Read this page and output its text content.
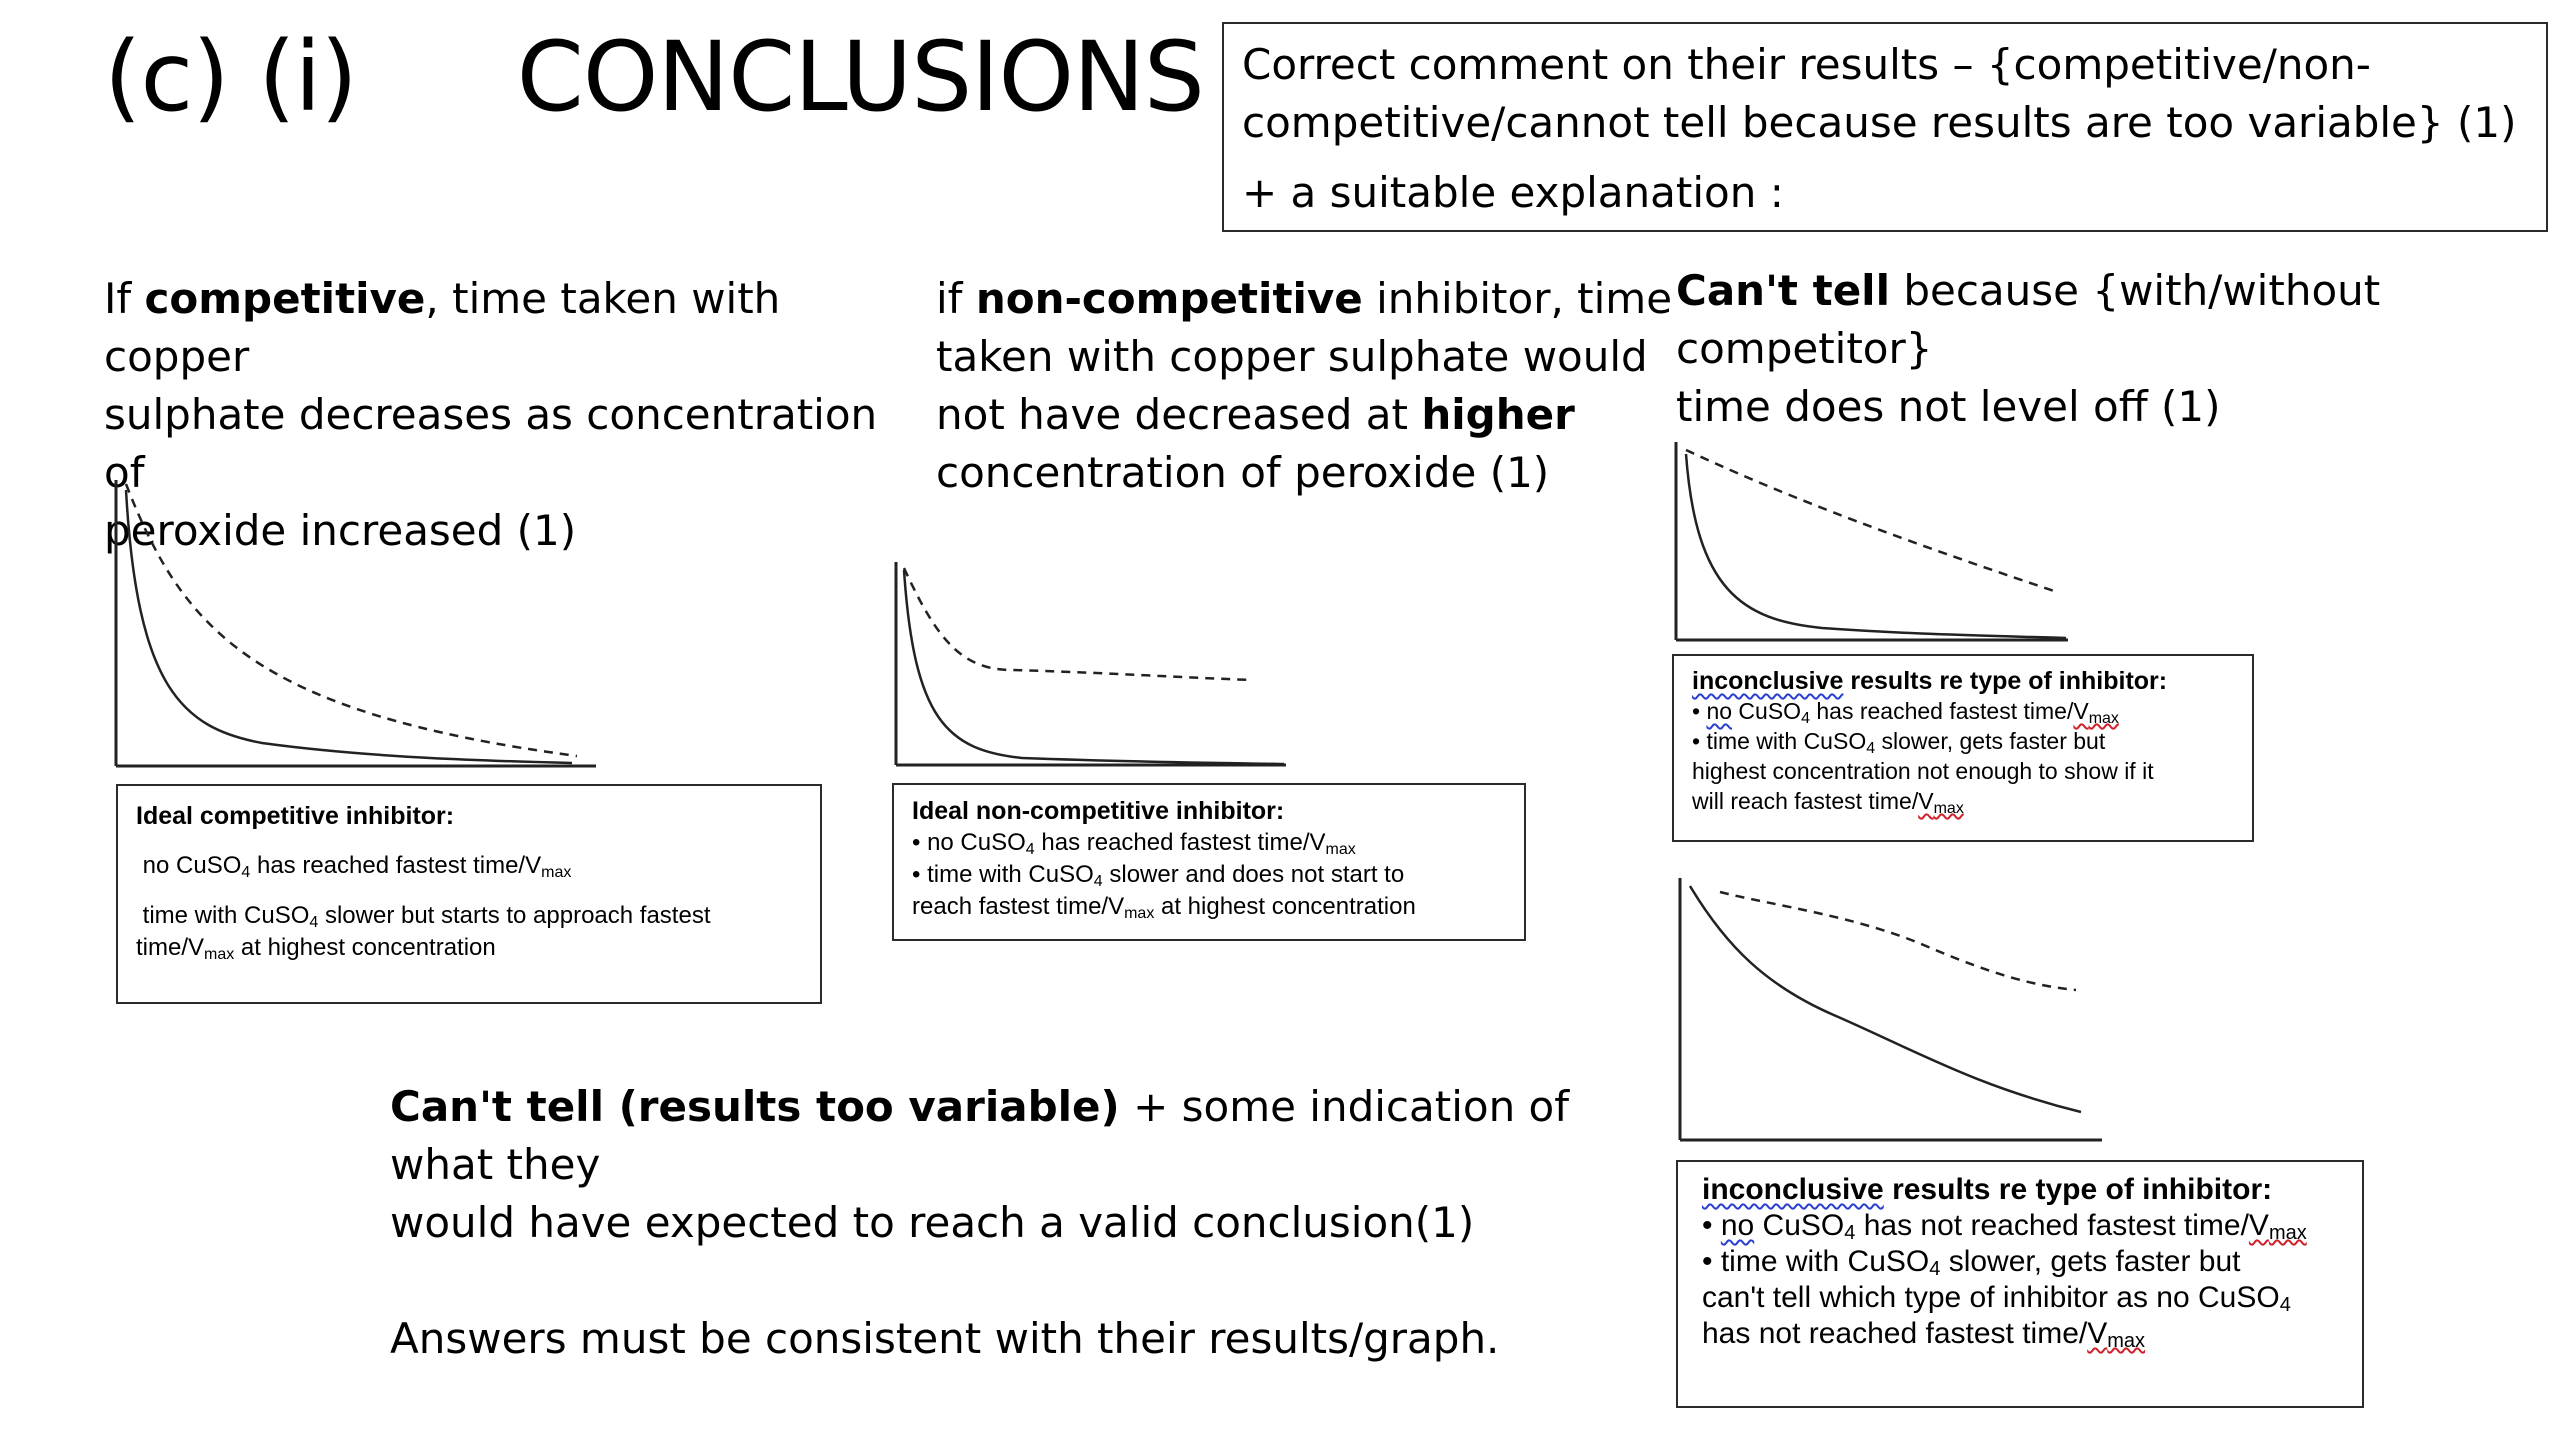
(c) (i) CONCLUSIONS Correct comment on their results – {competitive/non-
competitive/cannot tell because results are too variable} (1)
+ a suitable explanation :
If competitive, time taken with copper
sulphate decreases as concentration of
peroxide increased (1)
Ideal competitive inhibitor:
no CuSO$_4$ has reached fastest time/$V_{max}$
time with CuSO$_4$ slower but starts to approach fastest
time/$V_{max}$ at highest concentration
if non-competitive inhibitor, time
taken with copper sulphate would
not have decreased at higher
concentration of peroxide (1)
Ideal non-competitive inhibitor:
• no CuSO$_4$ has reached fastest time/$V_{max}$
• time with CuSO$_4$ slower and does not start to
reach fastest time/$V_{max}$ at highest concentration
Can't tell because {with/without
competitor}
time does not level off (1)
inconclusive results re type of inhibitor:
• no CuSO$_4$ has reached fastest time/$V_{max}$
• time with CuSO$_4$ slower, gets faster but
highest concentration not enough to show if it
will reach fastest time/$V_{max}$
inconclusive results re type of inhibitor:
• no CuSO$_4$ has not reached fastest time/$V_{max}$
• time with CuSO$_4$ slower, gets faster but
can't tell which type of inhibitor as no CuSO$_4$
has not reached fastest time/$V_{max}$
Can't tell (results too variable) + some indication of what they
would have expected to reach a valid conclusion(1)
Answers must be consistent with their results/graph.
